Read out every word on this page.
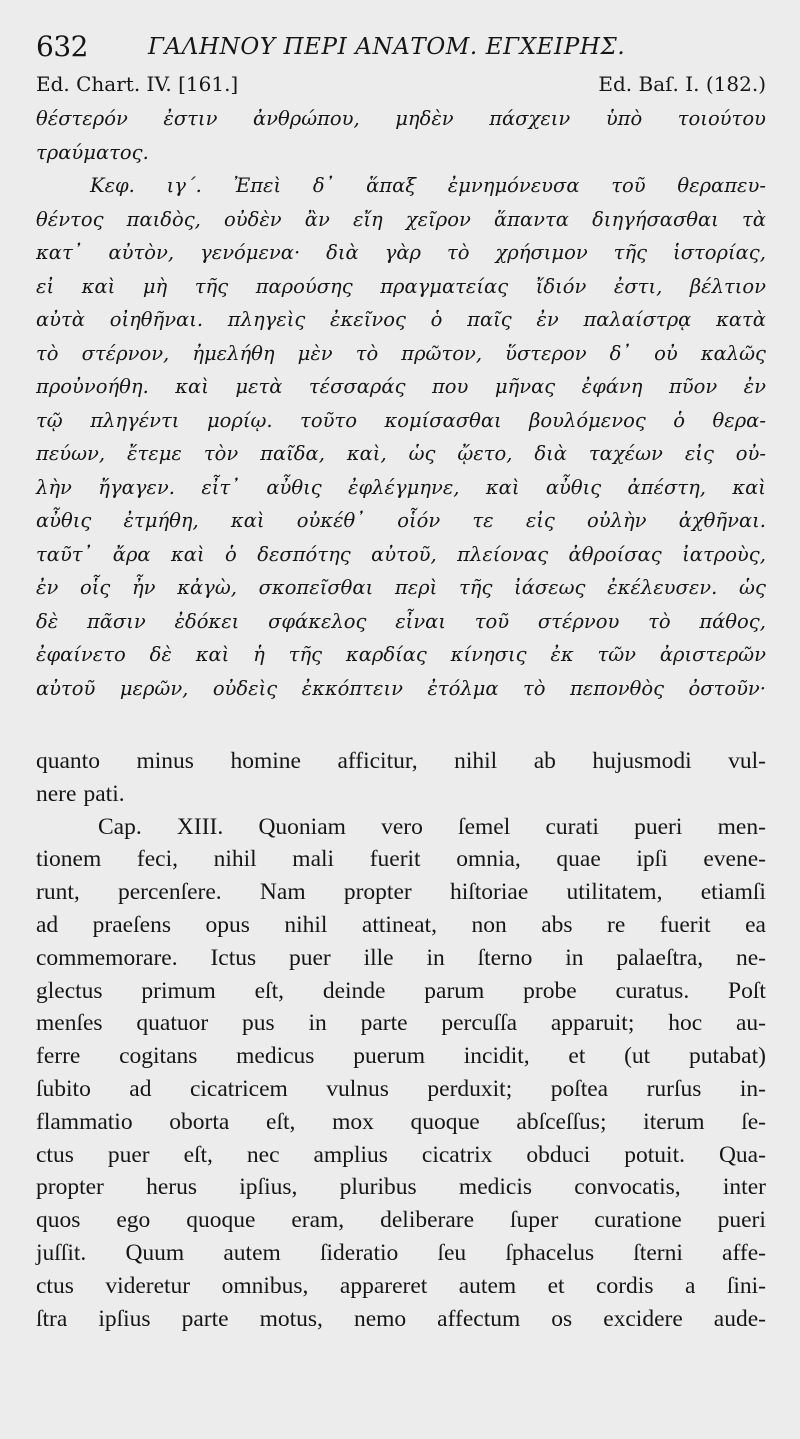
632	ΓΑΛΗΝΟΥ ΠΕΡΙ ΑΝΑΤΟΜ. ΕΓΧΕΙΡΗΣ.
Ed. Chart. IV. [161.]	Ed. Baſ. I. (182.)
θέστερόν ἐστιν ἀνθρώπου, μηδὲν πάσχειν ὑπὸ τοιούτου
τραύματος.
Κεφ. ιγ΄. Ἐπεὶ δ᾽ ἅπαξ ἐμνημόνευσα τοῦ θεραπευ-
θέντος παιδὸς, οὐδὲν ἂν εἴη χεῖρον ἅπαντα διηγήσασθαι τὰ
κατ᾽ αὐτὸν, γενόμενα· διὰ γὰρ τὸ χρήσιμον τῆς ἱστορίας,
εἰ καὶ μὴ τῆς παρούσης πραγματείας ἴδιόν ἐστι, βέλτιον
αὐτὰ οἰηθῆναι. πληγεὶς ἐκεῖνος ὁ παῖς ἐν παλαίστρᾳ κατὰ
τὸ στέρνον, ἠμελήθη μὲν τὸ πρῶτον, ὕστερον δ᾽ οὐ καλῶς
προὐνοήθη. καὶ μετὰ τέσσαράς που μῆνας ἐφάνη πῦον ἐν
τῷ πληγέντι μορίῳ. τοῦτο κομίσασθαι βουλόμενος ὁ θερα-
πεύων, ἔτεμε τὸν παῖδα, καὶ, ὡς ᾤετο, διὰ ταχέων εἰς οὐ-
λὴν ἤγαγεν. εἶτ᾽ αὖθις ἐφλέγμηνε, καὶ αὖθις ἀπέστη, καὶ
αὖθις ἐτμήθη, καὶ οὐκέθ᾽ οἷόν τε εἰς οὐλὴν ἀχθῆναι.
ταῦτ᾽ ἄρα καὶ ὁ δεσπότης αὐτοῦ, πλείονας ἀθροίσας ἰατροὺς,
ἐν οἷς ἦν κἀγὼ, σκοπεῖσθαι περὶ τῆς ἰάσεως ἐκέλευσεν. ὡς
δὲ πᾶσιν ἐδόκει σφάκελος εἶναι τοῦ στέρνου τὸ πάθος,
ἐφαίνετο δὲ καὶ ἡ τῆς καρδίας κίνησις ἐκ τῶν ἀριστερῶν
αὐτοῦ μερῶν, οὐδεὶς ἐκκόπτειν ἐτόλμα τὸ πεπονθὸς ὀστοῦν·
quanto minus homine afficitur, nihil ab hujusmodi vul-
nere pati.
Cap. XIII. Quoniam vero ſemel curati pueri men-
tionem feci, nihil mali fuerit omnia, quae ipſi evene-
runt, percenſere. Nam propter hiſtoriae utilitatem, etiamſi
ad praeſens opus nihil attineat, non abs re fuerit ea
commemorare. Ictus puer ille in ſterno in palaeſtra, ne-
glectus primum eſt, deinde parum probe curatus. Poſt
menſes quatuor pus in parte percuſſa apparuit; hoc au-
ferre cogitans medicus puerum incidit, et (ut putabat)
ſubito ad cicatricem vulnus perduxit; poſtea rurſus in-
flammatio oborta eſt, mox quoque abſceſſus; iterum ſe-
ctus puer eſt, nec amplius cicatrix obduci potuit. Qua-
propter herus ipſius, pluribus medicis convocatis, inter
quos ego quoque eram, deliberare ſuper curatione pueri
juſſit. Quum autem ſideratio ſeu ſphacelus ſterni affe-
ctus videretur omnibus, appareret autem et cordis a ſini-
ſtra ipſius parte motus, nemo affectum os excidere aude-
